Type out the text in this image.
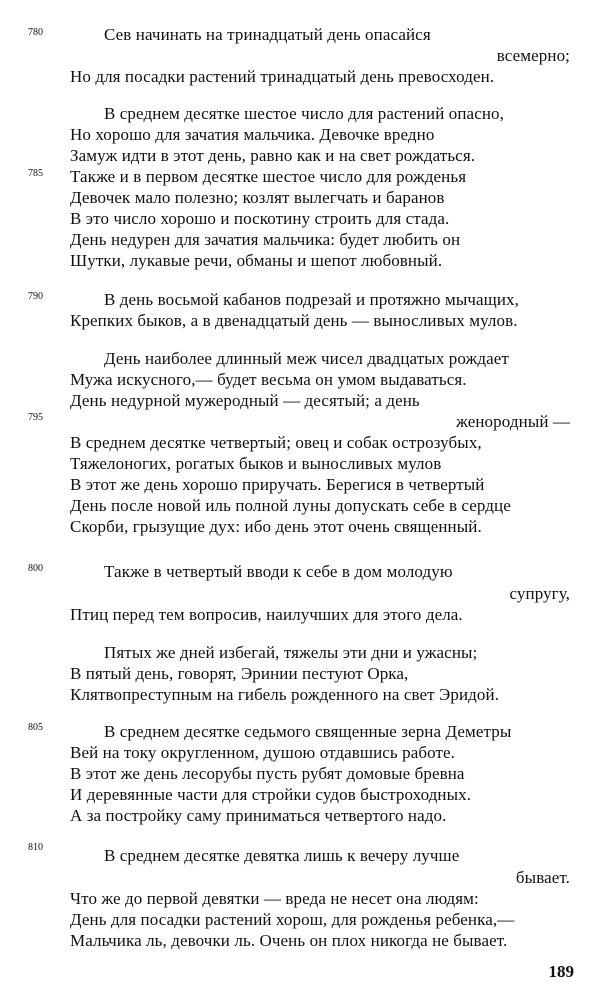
780
785
790
795
800
805
810
Сев начинать на тринадцатый день опасайся
всемерно;
Но для посадки растений тринадцатый день превосходен.
В среднем десятке шестое число для растений опасно,
Но хорошо для зачатия мальчика. Девочке вредно
Замуж идти в этот день, равно как и на свет рождаться.
Также и в первом десятке шестое число для рожденья
Девочек мало полезно; козлят вылегчать и баранов
В это число хорошо и поскотину строить для стада.
День недурен для зачатия мальчика: будет любить он
Шутки, лукавые речи, обманы и шепот любовный.
В день восьмой кабанов подрезай и протяжно мычащих,
Крепких быков, а в двенадцатый день — выносливых мулов.
День наиболее длинный меж чисел двадцатых рождает
Мужа искусного,— будет весьма он умом выдаваться.
День недурной мужеродный — десятый; а день
женородный —
В среднем десятке четвертый; овец и собак острозубых,
Тяжелоногих, рогатых быков и выносливых мулов
В этот же день хорошо приручать. Берегися в четвертый
День после новой иль полной луны допускать себе в сердце
Скорби, грызущие дух: ибо день этот очень священный.
Также в четвертый вводи к себе в дом молодую
супругу,
Птиц перед тем вопросив, наилучших для этого дела.
Пятых же дней избегай, тяжелы эти дни и ужасны;
В пятый день, говорят, Эринии пестуют Орка,
Клятвопреступным на гибель рожденного на свет Эридой.
В среднем десятке седьмого священные зерна Деметры
Вей на току округленном, душою отдавшись работе.
В этот же день лесорубы пусть рубят домовые бревна
И деревянные части для стройки судов быстроходных.
А за постройку саму приниматься четвертого надо.
В среднем десятке девятка лишь к вечеру лучше
бывает.
Что же до первой девятки — вреда не несет она людям:
День для посадки растений хорош, для рожденья ребенка,—
Мальчика ль, девочки ль. Очень он плох никогда не бывает.
189
